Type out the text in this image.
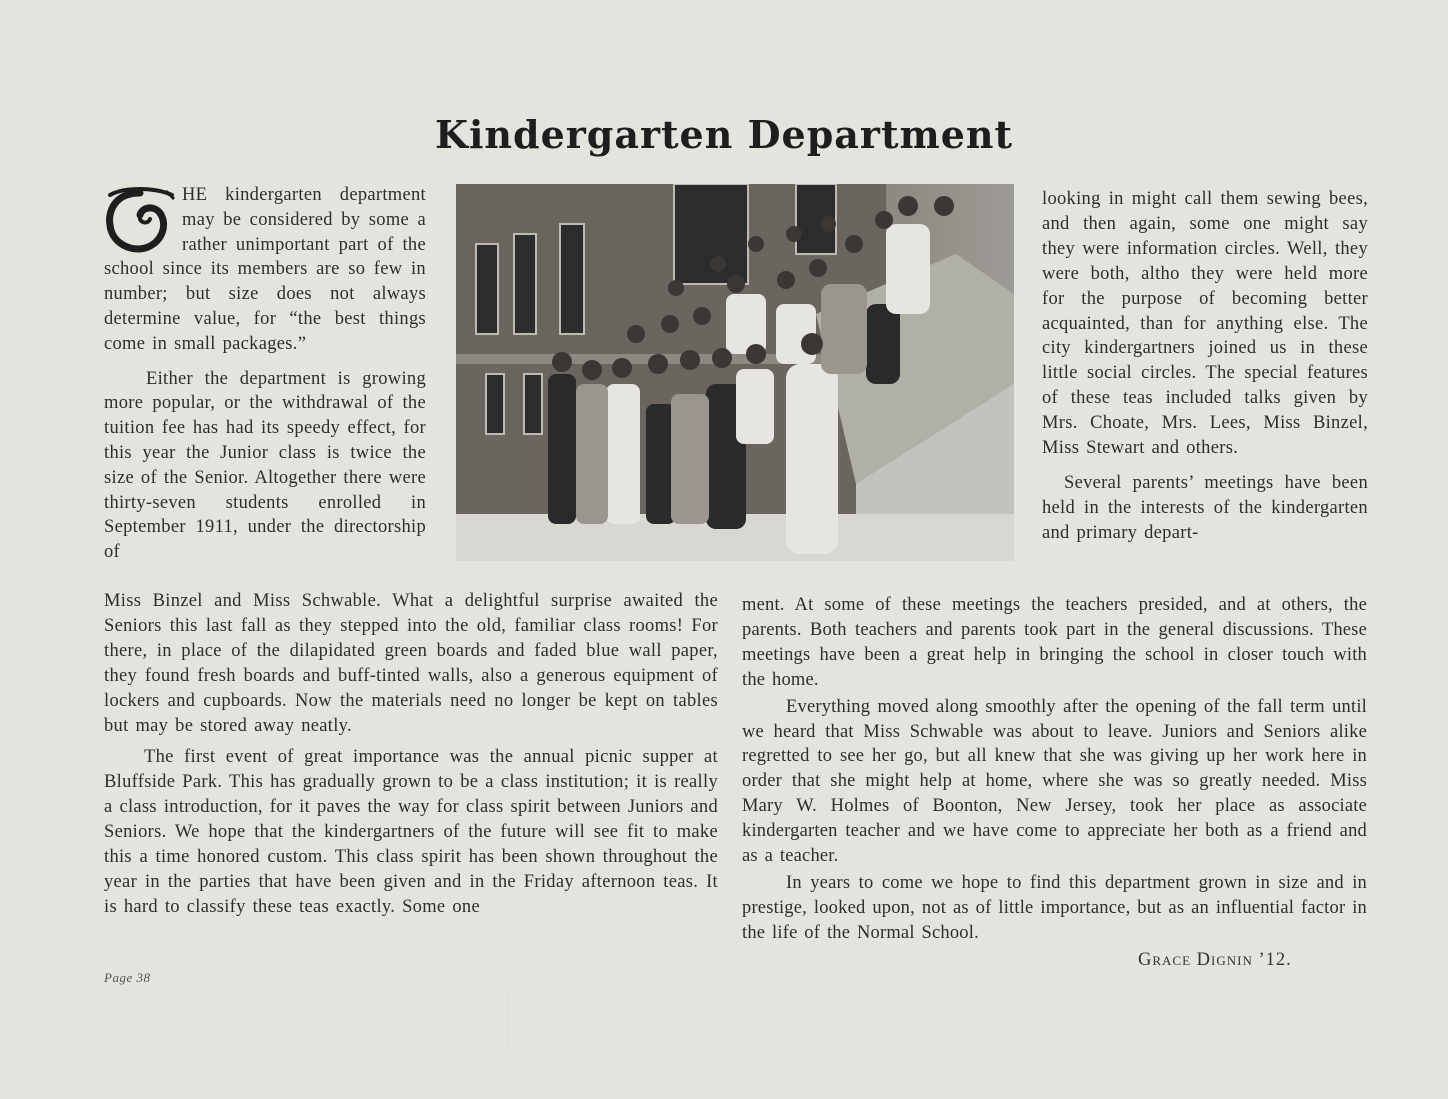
Kindergarten Department

HE kindergarten department may be considered by some a rather unimportant part of the school since its members are so few in number; but size does not always determine value, for “the best things come in small packages.”

Either the department is growing more popular, or the withdrawal of the tuition fee has had its speedy effect, for this year the Junior class is twice the size of the Senior. Altogether there were thirty-seven students enrolled in September 1911, under the directorship of

looking in might call them sewing bees, and then again, some one might say they were information circles. Well, they were both, altho they were held more for the purpose of becoming better acquainted, than for anything else. The city kindergartners joined us in these little social circles. The special features of these teas included talks given by Mrs. Choate, Mrs. Lees, Miss Binzel, Miss Stewart and others.

Several parents’ meetings have been held in the interests of the kindergarten and primary depart-

Miss Binzel and Miss Schwable. What a delightful surprise awaited the Seniors this last fall as they stepped into the old, familiar class rooms! For there, in place of the dilapidated green boards and faded blue wall paper, they found fresh boards and buff-tinted walls, also a generous equipment of lockers and cupboards. Now the materials need no longer be kept on tables but may be stored away neatly.

The first event of great importance was the annual picnic supper at Bluffside Park. This has gradually grown to be a class institution; it is really a class introduction, for it paves the way for class spirit between Juniors and Seniors. We hope that the kindergartners of the future will see fit to make this a time honored custom. This class spirit has been shown throughout the year in the parties that have been given and in the Friday afternoon teas. It is hard to classify these teas exactly. Some one

ment. At some of these meetings the teachers presided, and at others, the parents. Both teachers and parents took part in the general discussions. These meetings have been a great help in bringing the school in closer touch with the home.

Everything moved along smoothly after the opening of the fall term until we heard that Miss Schwable was about to leave. Juniors and Seniors alike regretted to see her go, but all knew that she was giving up her work here in order that she might help at home, where she was so greatly needed. Miss Mary W. Holmes of Boonton, New Jersey, took her place as associate kindergarten teacher and we have come to appreciate her both as a friend and as a teacher.

In years to come we hope to find this department grown in size and in prestige, looked upon, not as of little importance, but as an influential factor in the life of the Normal School.

Grace Dignin ’12.
Page 38
